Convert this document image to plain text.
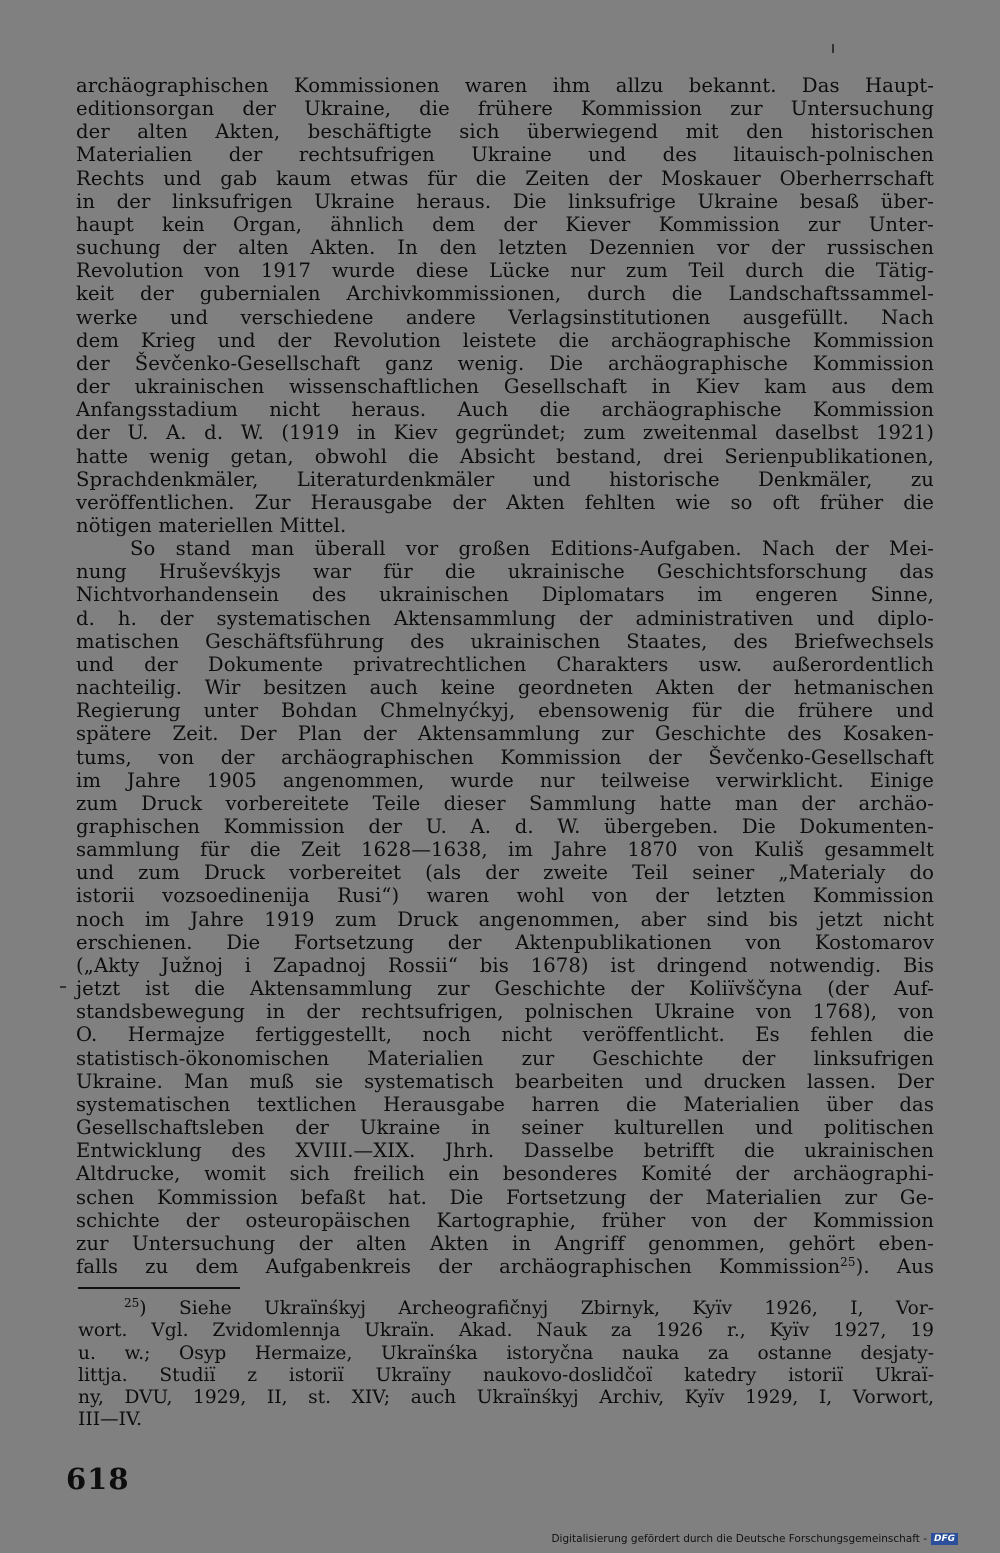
archäographischen Kommissionen waren ihm allzu bekannt. Das Haupt-
editionsorgan der Ukraine, die frühere Kommission zur Untersuchung
der alten Akten, beschäftigte sich überwiegend mit den historischen
Materialien der rechtsufrigen Ukraine und des litauisch-polnischen
Rechts und gab kaum etwas für die Zeiten der Moskauer Oberherrschaft
in der linksufrigen Ukraine heraus. Die linksufrige Ukraine besaß über-
haupt kein Organ, ähnlich dem der Kiever Kommission zur Unter-
suchung der alten Akten. In den letzten Dezennien vor der russischen
Revolution von 1917 wurde diese Lücke nur zum Teil durch die Tätig-
keit der gubernialen Archivkommissionen, durch die Landschaftssammel-
werke und verschiedene andere Verlagsinstitutionen ausgefüllt. Nach
dem Krieg und der Revolution leistete die archäographische Kommission
der Ševčenko-Gesellschaft ganz wenig. Die archäographische Kommission
der ukrainischen wissenschaftlichen Gesellschaft in Kiev kam aus dem
Anfangsstadium nicht heraus. Auch die archäographische Kommission
der U. A. d. W. (1919 in Kiev gegründet; zum zweitenmal daselbst 1921)
hatte wenig getan, obwohl die Absicht bestand, drei Serienpublikationen,
Sprachdenkmäler, Literaturdenkmäler und historische Denkmäler, zu
veröffentlichen. Zur Herausgabe der Akten fehlten wie so oft früher die
nötigen materiellen Mittel.

So stand man überall vor großen Editions-Aufgaben. Nach der Mei-
nung Hruševśkyjs war für die ukrainische Geschichtsforschung das
Nichtvorhandensein des ukrainischen Diplomatars im engeren Sinne,
d. h. der systematischen Aktensammlung der administrativen und diplo-
matischen Geschäftsführung des ukrainischen Staates, des Briefwechsels
und der Dokumente privatrechtlichen Charakters usw. außerordentlich
nachteilig. Wir besitzen auch keine geordneten Akten der hetmanischen
Regierung unter Bohdan Chmelnyćkyj, ebensowenig für die frühere und
spätere Zeit. Der Plan der Aktensammlung zur Geschichte des Kosaken-
tums, von der archäographischen Kommission der Ševčenko-Gesellschaft
im Jahre 1905 angenommen, wurde nur teilweise verwirklicht. Einige
zum Druck vorbereitete Teile dieser Sammlung hatte man der archäo-
graphischen Kommission der U. A. d. W. übergeben. Die Dokumenten-
sammlung für die Zeit 1628—1638, im Jahre 1870 von Kuliš gesammelt
und zum Druck vorbereitet (als der zweite Teil seiner „Materialy do
istorii vozsoedinenija Rusi“) waren wohl von der letzten Kommission
noch im Jahre 1919 zum Druck angenommen, aber sind bis jetzt nicht
erschienen. Die Fortsetzung der Aktenpublikationen von Kostomarov
(„Akty Južnoj i Zapadnoj Rossii“ bis 1678) ist dringend notwendig. Bis
jetzt ist die Aktensammlung zur Geschichte der Koliïvščyna (der Auf-
standsbewegung in der rechtsufrigen, polnischen Ukraine von 1768), von
O. Hermajze fertiggestellt, noch nicht veröffentlicht. Es fehlen die
statistisch-ökonomischen Materialien zur Geschichte der linksufrigen
Ukraine. Man muß sie systematisch bearbeiten und drucken lassen. Der
systematischen textlichen Herausgabe harren die Materialien über das
Gesellschaftsleben der Ukraine in seiner kulturellen und politischen
Entwicklung des XVIII.—XIX. Jhrh. Dasselbe betrifft die ukrainischen
Altdrucke, womit sich freilich ein besonderes Komité der archäographi-
schen Kommission befaßt hat. Die Fortsetzung der Materialien zur Ge-
schichte der osteuropäischen Kartographie, früher von der Kommission
zur Untersuchung der alten Akten in Angriff genommen, gehört eben-
falls zu dem Aufgabenkreis der archäographischen Kommission$^{25}$). Aus

$^{25}$) Siehe Ukraïnśkyj Archeografičnyj Zbirnyk, Kyïv 1926, I, Vor-
wort. Vgl. Zvidomlennja Ukraïn. Akad. Nauk za 1926 r., Kyïv 1927, 19
u. w.; Osyp Hermaize, Ukraïnśka istoryčna nauka za ostanne desjaty-
littja. Studiï z istoriï Ukraïny naukovo-doslidčoï katedry istoriï Ukraï-
ny, DVU, 1929, II, st. XIV; auch Ukraïnśkyj Archiv, Kyïv 1929, I, Vorwort,
III—IV.
618
Digitalisierung gefördert durch die Deutsche Forschungsgemeinschaft - DFG
